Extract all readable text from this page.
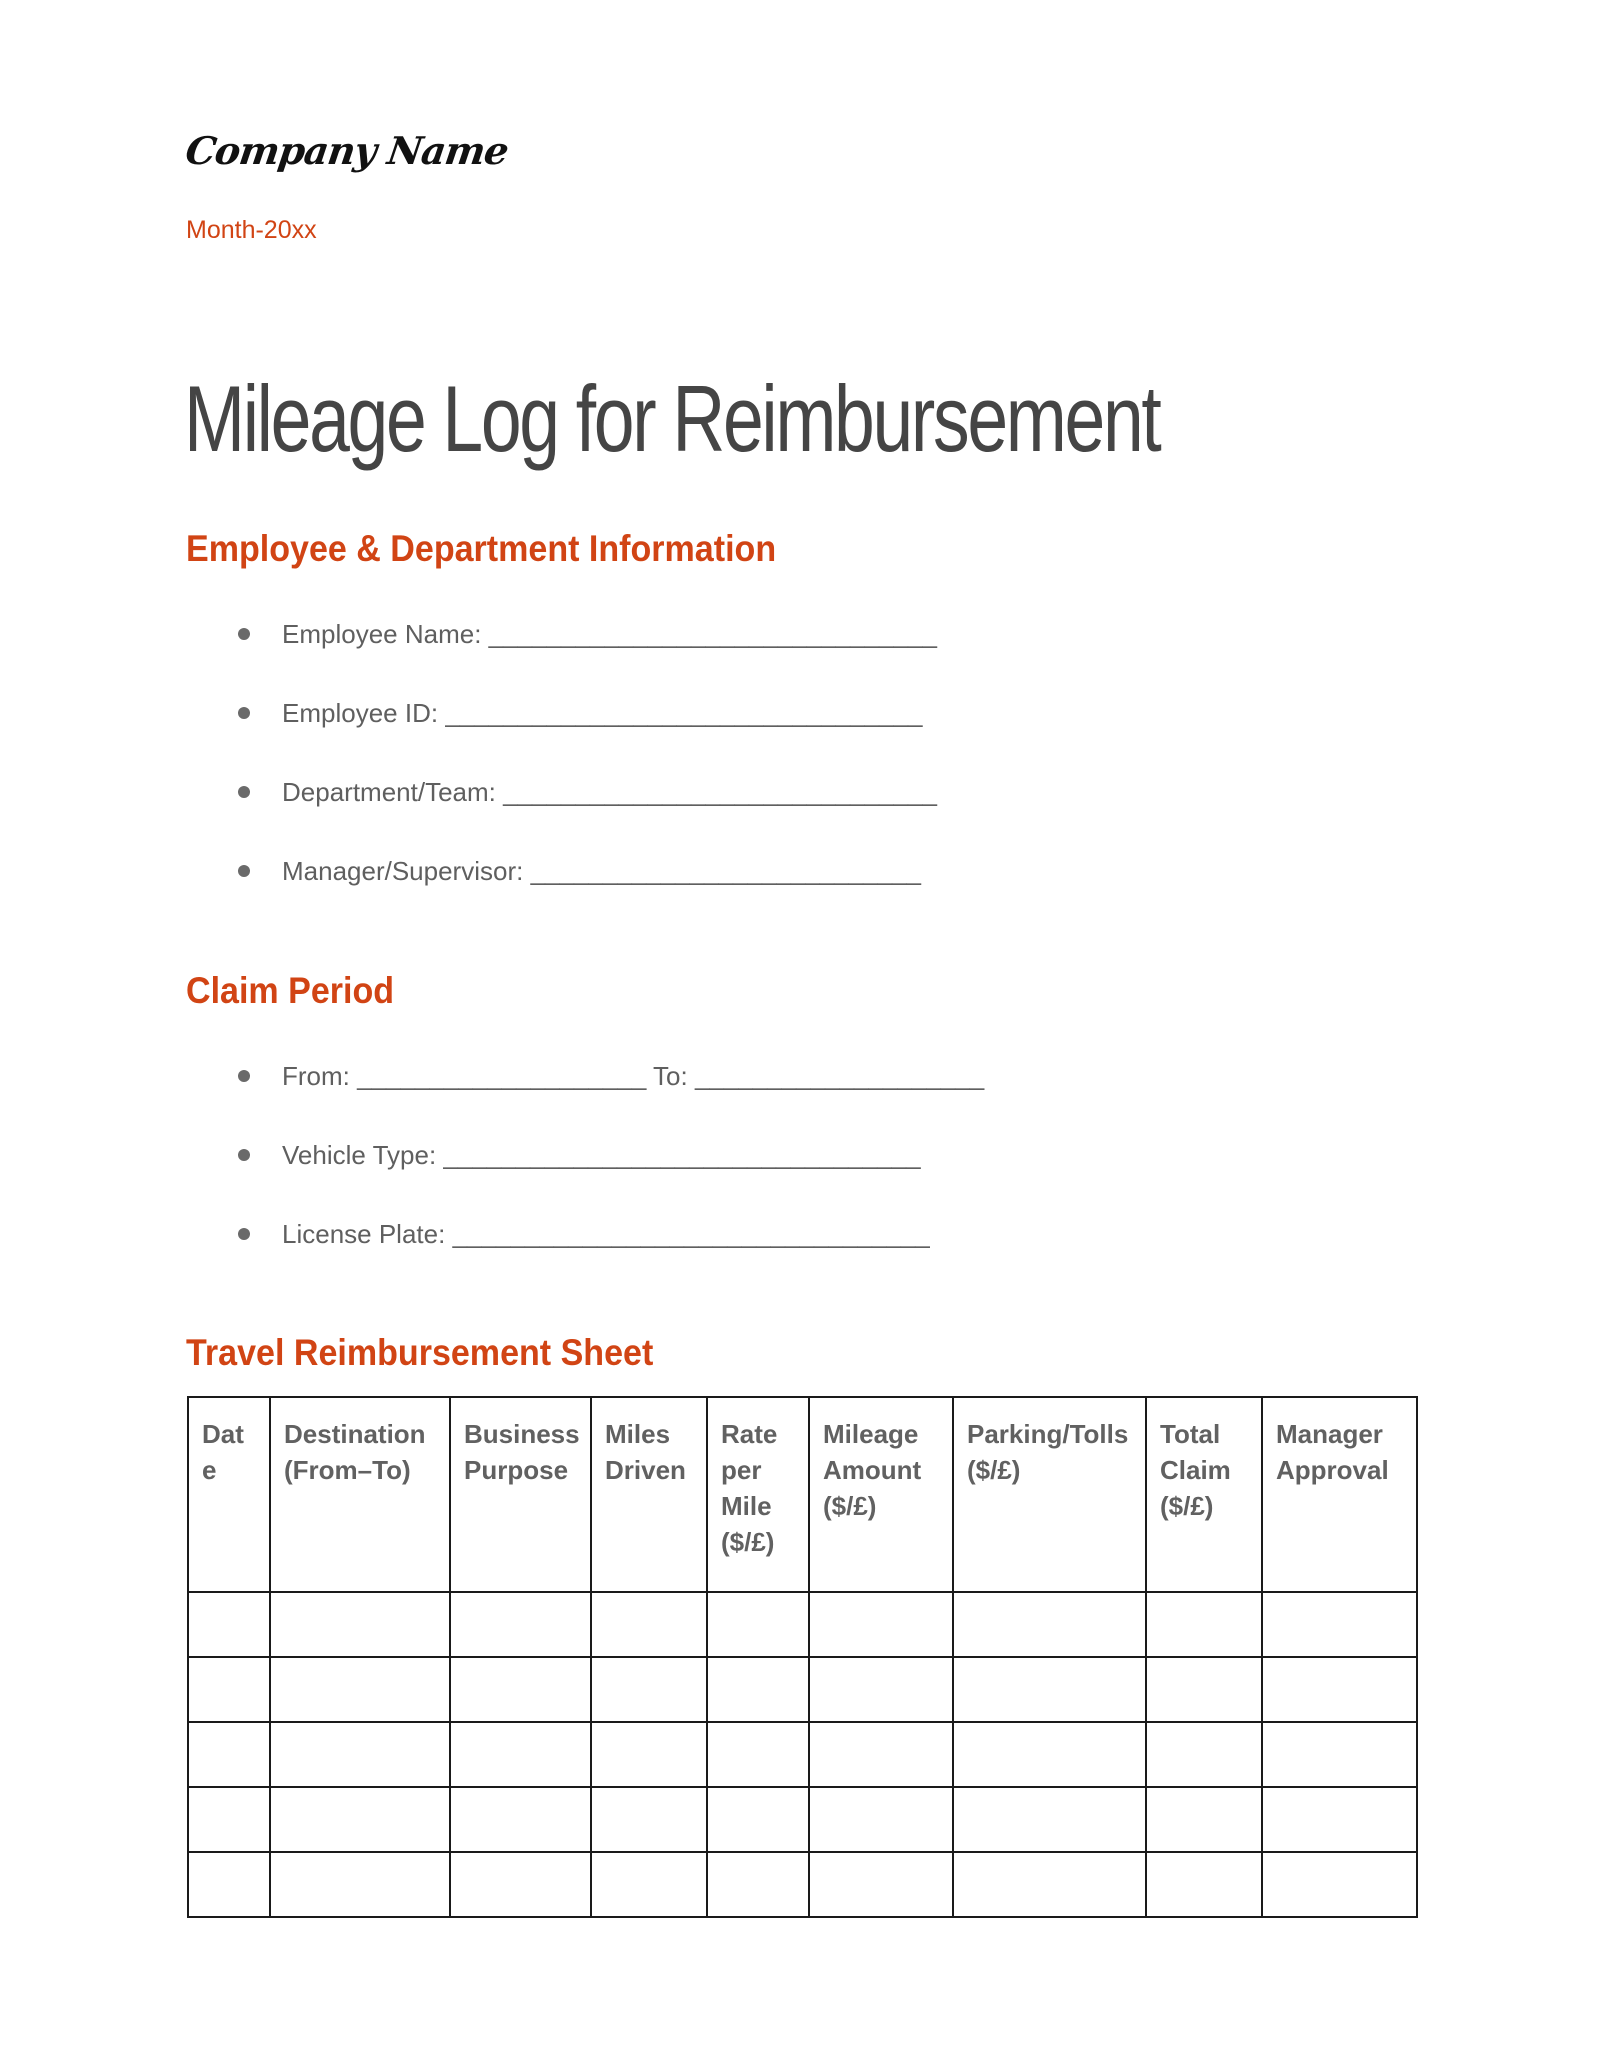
Company Name
Month-20xx
Mileage Log for Reimbursement
Employee & Department Information
Employee Name: _______________________________
Employee ID: _________________________________
Department/Team: ______________________________
Manager/Supervisor: ___________________________
Claim Period
From: ____________________ To: ____________________
Vehicle Type: _________________________________
License Plate: _________________________________
Travel Reimbursement Sheet
Date	Destination (From–To)	Business Purpose	Miles Driven	Rate per Mile ($/£)	Mileage Amount ($/£)	Parking/Tolls ($/£)	Total Claim ($/£)	Manager Approval
